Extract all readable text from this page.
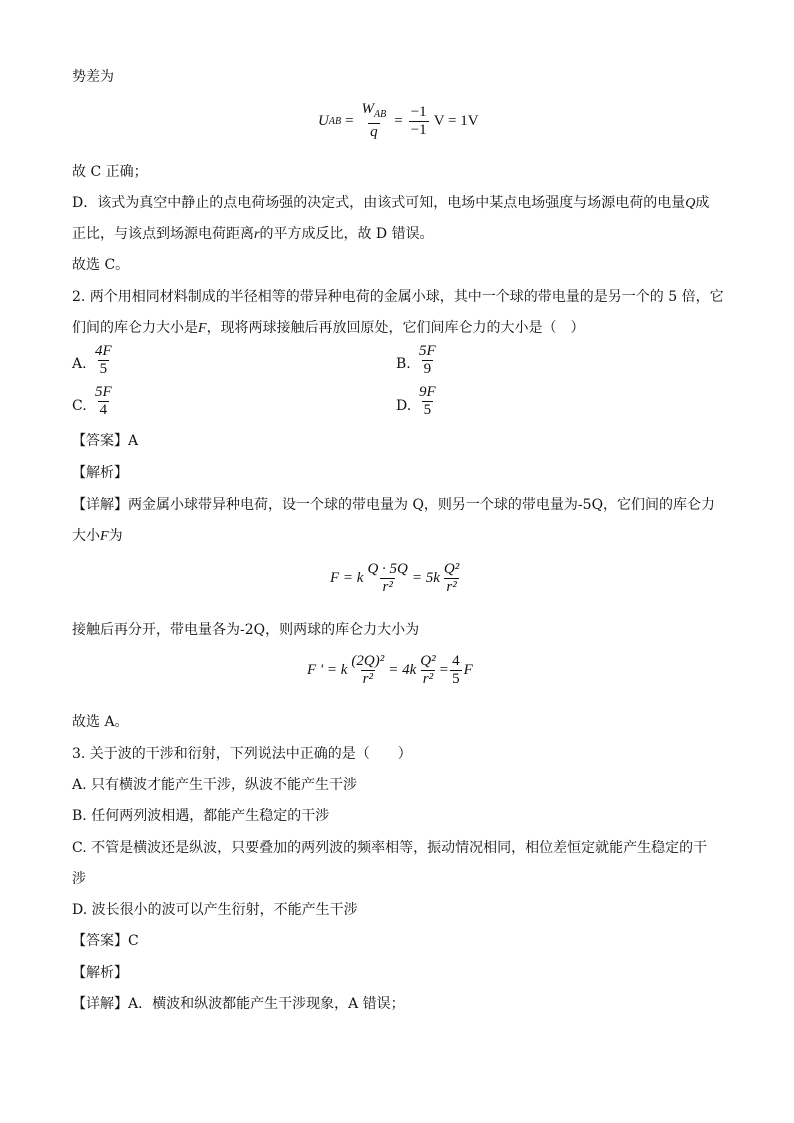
势差为
U AB =
$W_{AB}$
q
= $\frac{-1}{-1}$ V = 1V
故 C 正确；
D．该式为真空中静止的点电荷场强的决定式，由该式可知，电场中某点电场强度与场源电荷的电量Q成
正比，与该点到场源电荷距离r的平方成反比，故 D 错误。
故选 C。
2. 两个用相同材料制成的半径相等的带异种电荷的金属小球，其中一个球的带电量的是另一个的 5 倍，它
们间的库仑力大小是F，现将两球接触后再放回原处，它们间库仑力的大小是（　）
A. $\frac{4F}{5}$	B. $\frac{5F}{9}$
C. $\frac{5F}{4}$	D. $\frac{9F}{5}$
【答案】A
【解析】
【详解】两金属小球带异种电荷，设一个球的带电量为 Q，则另一个球的带电量为-5Q，它们间的库仑力
大小F为
F = k $\frac{Q \cdot 5Q}{\text{r²}} = 5k$
Q²
r²
接触后再分开，带电量各为-2Q，则两球的库仑力大小为
F ' = k $\frac{\text{(2Q)²}}{\text{r²}} = 4k \frac{\text{Q²}}{\text{r²}} = \frac{4}{5}$ F
故选 A。
3. 关于波的干涉和衍射，下列说法中正确的是（　　）
A. 只有横波才能产生干涉，纵波不能产生干涉
B. 任何两列波相遇，都能产生稳定的干涉
C. 不管是横波还是纵波，只要叠加的两列波的频率相等，振动情况相同，相位差恒定就能产生稳定的干
涉
D. 波长很小的波可以产生衍射，不能产生干涉
【答案】C
【解析】
【详解】A．横波和纵波都能产生干涉现象，A 错误；
